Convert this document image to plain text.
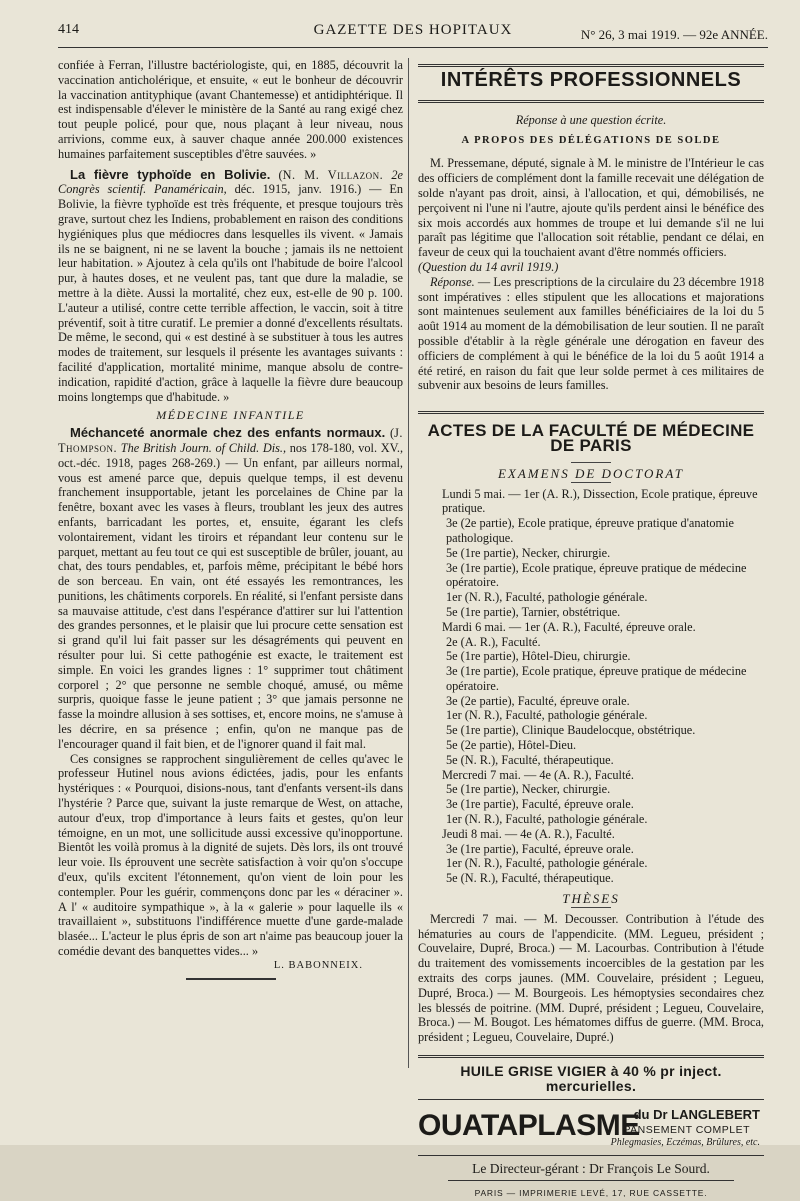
414	GAZETTE DES HOPITAUX	N° 26, 3 mai 1919. — 92e ANNÉE.

confiée à Ferran, l'illustre bactériologiste, qui, en 1885, découvrit la vaccination anticholérique, et ensuite, « eut le bonheur de découvrir la vaccination antityphique (avant Chantemesse) et antidiphtérique. Il est indispensable d'élever le ministère de la Santé au rang exigé chez tout peuple policé, pour que, nous plaçant à leur niveau, nous arrivions, comme eux, à sauver chaque année 200.000 existences humaines parfaitement susceptibles d'être sauvées. »

La fièvre typhoïde en Bolivie. (N. M. Villazon. 2e Congrès scientif. Panaméricain, déc. 1915, janv. 1916.) — En Bolivie, la fièvre typhoïde est très fréquente, et presque toujours très grave, surtout chez les Indiens, probablement en raison des conditions hygiéniques plus que médiocres dans lesquelles ils vivent. « Jamais ils ne se baignent, ni ne se lavent la bouche ; jamais ils ne nettoient leur habitation. » Ajoutez à cela qu'ils ont l'habitude de boire l'alcool pur, à hautes doses, et ne veulent pas, tant que dure la maladie, se mettre à la diète. Aussi la mortalité, chez eux, est-elle de 90 p. 100. L'auteur a utilisé, contre cette terrible affection, le vaccin, soit à titre préventif, soit à titre curatif. Le premier a donné d'excellents résultats. De même, le second, qui « est destiné à se substituer à tous les autres modes de traitement, sur lesquels il présente les avantages suivants : facilité d'application, mortalité minime, manque absolu de contre-indication, rapidité d'action, grâce à laquelle la fièvre dure beaucoup moins longtemps que d'habitude. »

MÉDECINE INFANTILE

Méchanceté anormale chez des enfants normaux. (J. Thompson. The British Journ. of Child. Dis., nos 178-180, vol. XV., oct.-déc. 1918, pages 268-269.) — Un enfant, par ailleurs normal, vous est amené parce que, depuis quelque temps, il est devenu franchement insupportable, jetant les porcelaines de Chine par la fenêtre, boxant avec les vases à fleurs, troublant les jeux des autres enfants, barricadant les portes, et, ensuite, égarant les clefs volontairement, vidant les tiroirs et répandant leur contenu sur le parquet, mettant au feu tout ce qui est susceptible de brûler, jouant, au chat, des tours pendables, et, parfois même, précipitant le bébé hors de son berceau. En vain, ont été essayés les remontrances, les punitions, les châtiments corporels. En réalité, si l'enfant persiste dans sa mauvaise attitude, c'est dans l'espérance d'attirer sur lui l'attention des grandes personnes, et le plaisir que lui procure cette sensation est si grand qu'il lui fait passer sur les désagréments qui peuvent en résulter pour lui. Si cette pathogénie est exacte, le traitement est simple. En voici les grandes lignes : 1° supprimer tout châtiment corporel ; 2° que personne ne semble choqué, amusé, ou même surpris, quoique fasse le jeune patient ; 3° que jamais personne ne fasse la moindre allusion à ses sottises, et, encore moins, ne s'amuse à les décrire, en sa présence ; enfin, qu'on ne manque pas de l'encourager quand il fait bien, et de l'ignorer quand il fait mal.

Ces consignes se rapprochent singulièrement de celles qu'avec le professeur Hutinel nous avions édictées, jadis, pour les enfants hystériques : « Pourquoi, disions-nous, tant d'enfants versent-ils dans l'hystérie ? Parce que, suivant la juste remarque de West, on attache, autour d'eux, trop d'importance à leurs faits et gestes, qu'on leur témoigne, en un mot, une sollicitude aussi excessive qu'inopportune. Bientôt les voilà promus à la dignité de sujets. Dès lors, ils ont trouvé leur voie. Ils éprouvent une secrète satisfaction à voir qu'on s'occupe d'eux, qu'ils excitent l'étonnement, qu'on vient de loin pour les contempler. Pour les guérir, commençons donc par les « déraciner ». A l' « auditoire sympathique », à la « galerie » pour laquelle ils « travaillaient », substituons l'indifférence muette d'une garde-malade blasée... L'acteur le plus épris de son art n'aime pas beaucoup jouer la comédie devant des banquettes vides... »

L. BABONNEIX.
INTÉRÊTS PROFESSIONNELS
Réponse à une question écrite.
A PROPOS DES DÉLÉGATIONS DE SOLDE

M. Pressemane, député, signale à M. le ministre de l'Intérieur le cas des officiers de complément dont la famille recevait une délégation de solde n'ayant pas droit, ainsi, à l'allocation, et qui, démobilisés, ne perçoivent ni l'une ni l'autre, ajoute qu'ils perdent ainsi le bénéfice des six mois accordés aux hommes de troupe et lui demande s'il ne lui paraît pas légitime que l'allocation soit rétablie, pendant ce délai, en faveur de ceux qui la touchaient avant d'être nommés officiers.

(Question du 14 avril 1919.)

Réponse. — Les prescriptions de la circulaire du 23 décembre 1918 sont impératives : elles stipulent que les allocations et majorations sont maintenues seulement aux familles bénéficiaires de la loi du 5 août 1914 au moment de la démobilisation de leur soutien. Il ne paraît possible d'établir à la règle générale une dérogation en faveur des officiers de complément à qui le bénéfice de la loi du 5 août 1914 a été retiré, en raison du fait que leur solde permet à ces militaires de subvenir aux besoins de leurs familles.

ACTES DE LA FACULTÉ DE MÉDECINE DE PARIS
EXAMENS DE DOCTORAT

Lundi 5 mai. — 1er (A. R.), Dissection, Ecole pratique, épreuve pratique.

3e (2e partie), Ecole pratique, épreuve pratique d'anatomie pathologique.

5e (1re partie), Necker, chirurgie.

3e (1re partie), Ecole pratique, épreuve pratique de médecine opératoire.

1er (N. R.), Faculté, pathologie générale.

5e (1re partie), Tarnier, obstétrique.

Mardi 6 mai. — 1er (A. R.), Faculté, épreuve orale.

2e (A. R.), Faculté.

5e (1re partie), Hôtel-Dieu, chirurgie.

3e (1re partie), Ecole pratique, épreuve pratique de médecine opératoire.

3e (2e partie), Faculté, épreuve orale.

1er (N. R.), Faculté, pathologie générale.

5e (1re partie), Clinique Baudelocque, obstétrique.

5e (2e partie), Hôtel-Dieu.

5e (N. R.), Faculté, thérapeutique.

Mercredi 7 mai. — 4e (A. R.), Faculté.

5e (1re partie), Necker, chirurgie.

3e (1re partie), Faculté, épreuve orale.

1er (N. R.), Faculté, pathologie générale.

Jeudi 8 mai. — 4e (A. R.), Faculté.

3e (1re partie), Faculté, épreuve orale.

1er (N. R.), Faculté, pathologie générale.

5e (N. R.), Faculté, thérapeutique.

THÈSES

Mercredi 7 mai. — M. Decousser. Contribution à l'étude des hématuries au cours de l'appendicite. (MM. Legueu, président ; Couvelaire, Dupré, Broca.) — M. Lacourbas. Contribution à l'étude du traitement des vomissements incoercibles de la gestation par les extraits des corps jaunes. (MM. Couvelaire, président ; Legueu, Dupré, Broca.) — M. Bourgeois. Les hémoptysies secondaires chez les blessés de poitrine. (MM. Dupré, président ; Legueu, Couvelaire, Broca.) — M. Bougot. Les hématomes diffus de guerre. (MM. Broca, président ; Legueu, Couvelaire, Dupré.)

HUILE GRISE VIGIER à 40 % pr inject. mercurielles.
OUATAPLASME
du Dr LANGLEBERT
PANSEMENT COMPLET
Phlegmasies, Eczémas, Brûlures, etc.
Le Directeur-gérant : Dr François Le Sourd.
PARIS — IMPRIMERIE LEVÉ, 17, RUE CASSETTE.
